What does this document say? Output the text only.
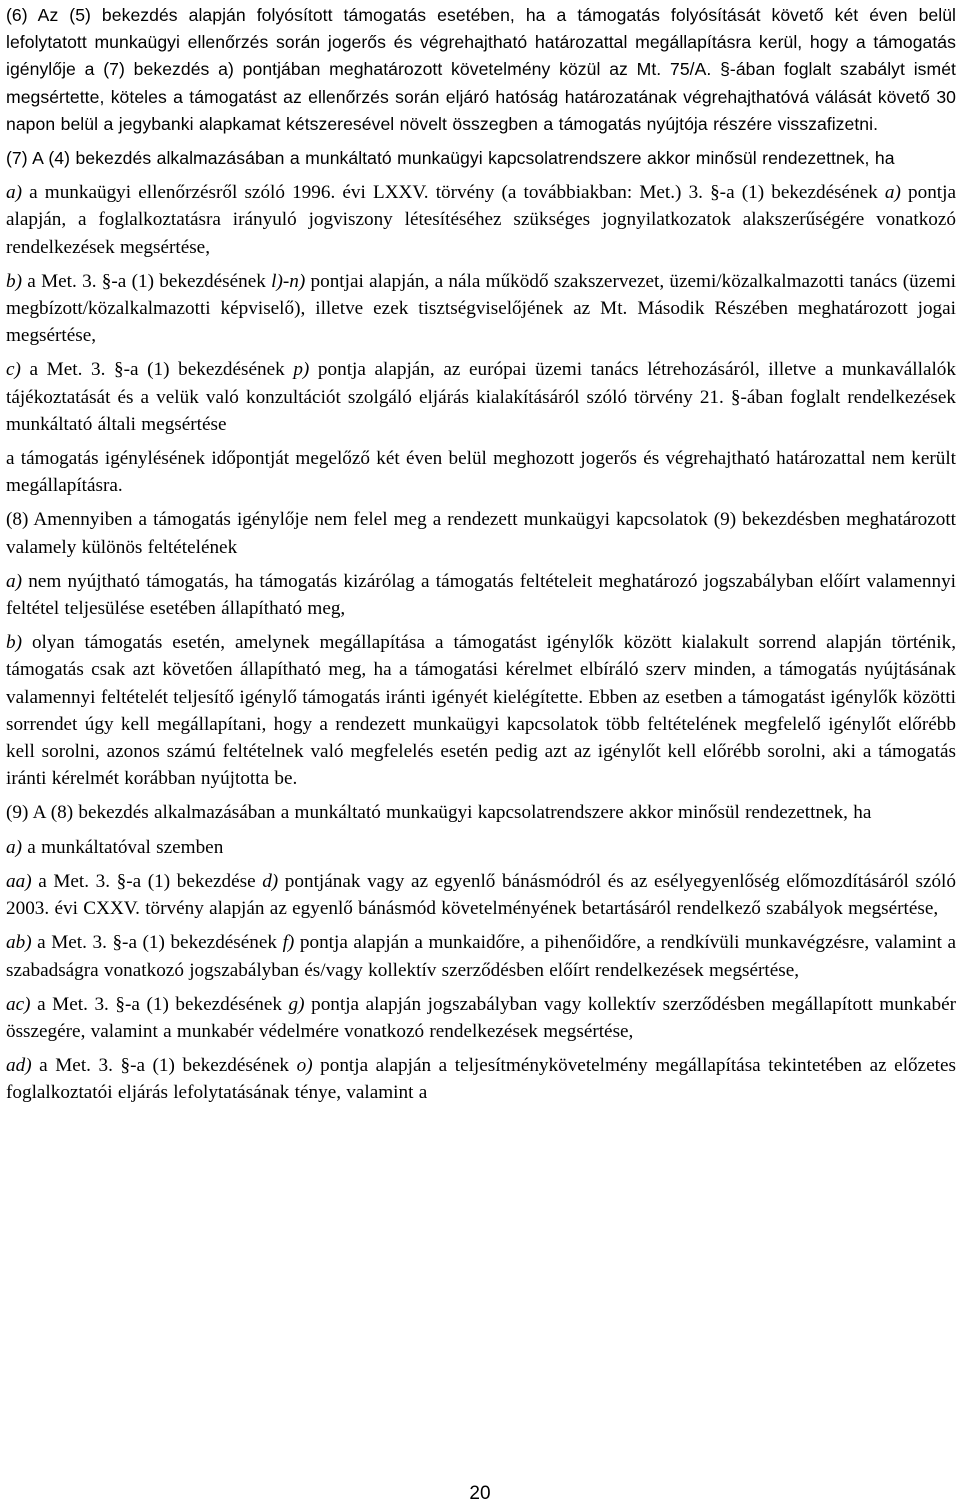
(6) Az (5) bekezdés alapján folyósított támogatás esetében, ha a támogatás folyósítását követő két éven belül lefolytatott munkaügyi ellenőrzés során jogerős és végrehajtható határozattal megállapításra kerül, hogy a támogatás igénylője a (7) bekezdés a) pontjában meghatározott követelmény közül az Mt. 75/A. §-ában foglalt szabályt ismét megsértette, köteles a támogatást az ellenőrzés során eljáró hatóság határozatának végrehajthatóvá válását követő 30 napon belül a jegybanki alapkamat kétszeresével növelt összegben a támogatás nyújtója részére visszafizetni.

(7) A (4) bekezdés alkalmazásában a munkáltató munkaügyi kapcsolatrendszere akkor minősül rendezettnek, ha

a) a munkaügyi ellenőrzésről szóló 1996. évi LXXV. törvény (a továbbiakban: Met.) 3. §-a (1) bekezdésének a) pontja alapján, a foglalkoztatásra irányuló jogviszony létesítéséhez szükséges jognyilatkozatok alakszerűségére vonatkozó rendelkezések megsértése,

b) a Met. 3. §-a (1) bekezdésének l)-n) pontjai alapján, a nála működő szakszervezet, üzemi/közalkalmazotti tanács (üzemi megbízott/közalkalmazotti képviselő), illetve ezek tisztségviselőjének az Mt. Második Részében meghatározott jogai megsértése,

c) a Met. 3. §-a (1) bekezdésének p) pontja alapján, az európai üzemi tanács létrehozásáról, illetve a munkavállalók tájékoztatását és a velük való konzultációt szolgáló eljárás kialakításáról szóló törvény 21. §-ában foglalt rendelkezések munkáltató általi megsértése

a támogatás igénylésének időpontját megelőző két éven belül meghozott jogerős és végrehajtható határozattal nem került megállapításra.

(8) Amennyiben a támogatás igénylője nem felel meg a rendezett munkaügyi kapcsolatok (9) bekezdésben meghatározott valamely különös feltételének

a) nem nyújtható támogatás, ha támogatás kizárólag a támogatás feltételeit meghatározó jogszabályban előírt valamennyi feltétel teljesülése esetében állapítható meg,

b) olyan támogatás esetén, amelynek megállapítása a támogatást igénylők között kialakult sorrend alapján történik, támogatás csak azt követően állapítható meg, ha a támogatási kérelmet elbíráló szerv minden, a támogatás nyújtásának valamennyi feltételét teljesítő igénylő támogatás iránti igényét kielégítette. Ebben az esetben a támogatást igénylők közötti sorrendet úgy kell megállapítani, hogy a rendezett munkaügyi kapcsolatok több feltételének megfelelő igénylőt előrébb kell sorolni, azonos számú feltételnek való megfelelés esetén pedig azt az igénylőt kell előrébb sorolni, aki a támogatás iránti kérelmét korábban nyújtotta be.

(9) A (8) bekezdés alkalmazásában a munkáltató munkaügyi kapcsolatrendszere akkor minősül rendezettnek, ha

a) a munkáltatóval szemben

aa) a Met. 3. §-a (1) bekezdése d) pontjának vagy az egyenlő bánásmódról és az esélyegyenlőség előmozdításáról szóló 2003. évi CXXV. törvény alapján az egyenlő bánásmód követelményének betartásáról rendelkező szabályok megsértése,

ab) a Met. 3. §-a (1) bekezdésének f) pontja alapján a munkaidőre, a pihenőidőre, a rendkívüli munkavégzésre, valamint a szabadságra vonatkozó jogszabályban és/vagy kollektív szerződésben előírt rendelkezések megsértése,

ac) a Met. 3. §-a (1) bekezdésének g) pontja alapján jogszabályban vagy kollektív szerződésben megállapított munkabér összegére, valamint a munkabér védelmére vonatkozó rendelkezések megsértése,

ad) a Met. 3. §-a (1) bekezdésének o) pontja alapján a teljesítménykövetelmény megállapítása tekintetében az előzetes foglalkoztatói eljárás lefolytatásának ténye, valamint a

20
